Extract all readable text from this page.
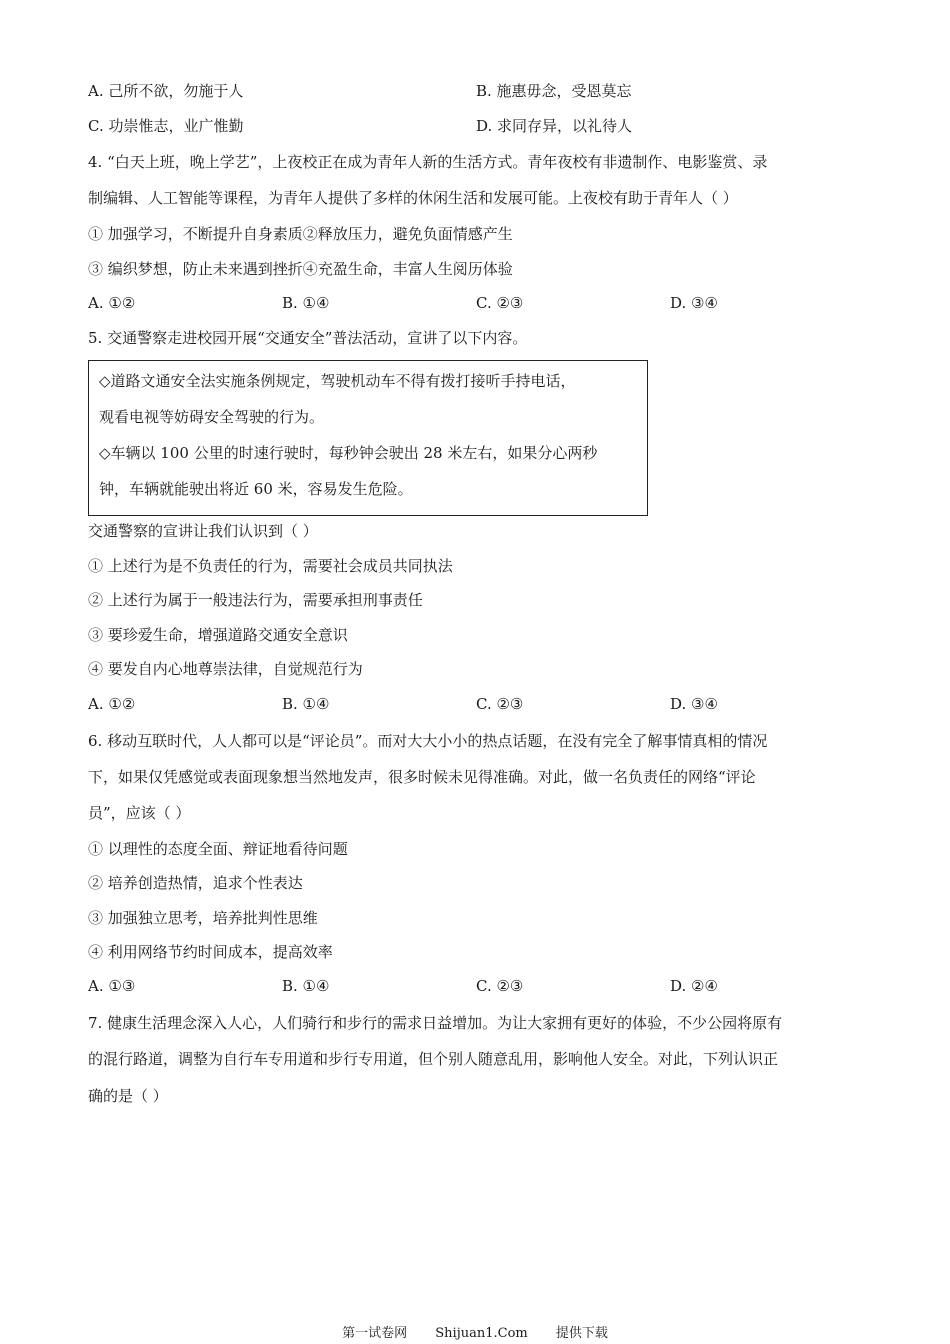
A. 己所不欲，勿施于人	B. 施惠毋念，受恩莫忘
C. 功崇惟志，业广惟勤	D. 求同存异，以礼待人
4. “白天上班，晚上学艺”，上夜校正在成为青年人新的生活方式。青年夜校有非遗制作、电影鉴赏、录
制编辑、人工智能等课程，为青年人提供了多样的休闲生活和发展可能。上夜校有助于青年人（ ）
① 加强学习，不断提升自身素质②释放压力，避免负面情感产生
③ 编织梦想，防止未来遇到挫折④充盈生命，丰富人生阅历体验
A. ①②	B. ①④	C. ②③	D. ③④
5. 交通警察走进校园开展“交通安全”普法活动，宣讲了以下内容。
◇道路文通安全法实施条例规定，驾驶机动车不得有拨打接听手持电话，
观看电视等妨碍安全驾驶的行为。
◇车辆以 100 公里的时速行驶时，每秒钟会驶出 28 米左右，如果分心两秒
钟，车辆就能驶出将近 60 米，容易发生危险。
交通警察的宣讲让我们认识到（ ）
① 上述行为是不负责任的行为，需要社会成员共同执法
② 上述行为属于一般违法行为，需要承担刑事责任
③ 要珍爱生命，增强道路交通安全意识
④ 要发自内心地尊崇法律，自觉规范行为
A. ①②	B. ①④	C. ②③	D. ③④
6. 移动互联时代，人人都可以是“评论员”。而对大大小小的热点话题，在没有完全了解事情真相的情况
下，如果仅凭感觉或表面现象想当然地发声，很多时候未见得准确。对此，做一名负责任的网络“评论
员”，应该（ ）
① 以理性的态度全面、辩证地看待问题
② 培养创造热情，追求个性表达
③ 加强独立思考，培养批判性思维
④ 利用网络节约时间成本，提高效率
A. ①③	B. ①④	C. ②③	D. ②④
7. 健康生活理念深入人心，人们骑行和步行的需求日益增加。为让大家拥有更好的体验，不少公园将原有
的混行路道，调整为自行车专用道和步行专用道，但个别人随意乱用，影响他人安全。对此，下列认识正
确的是（ ）
第一试卷网 Shijuan1.Com 提供下载
